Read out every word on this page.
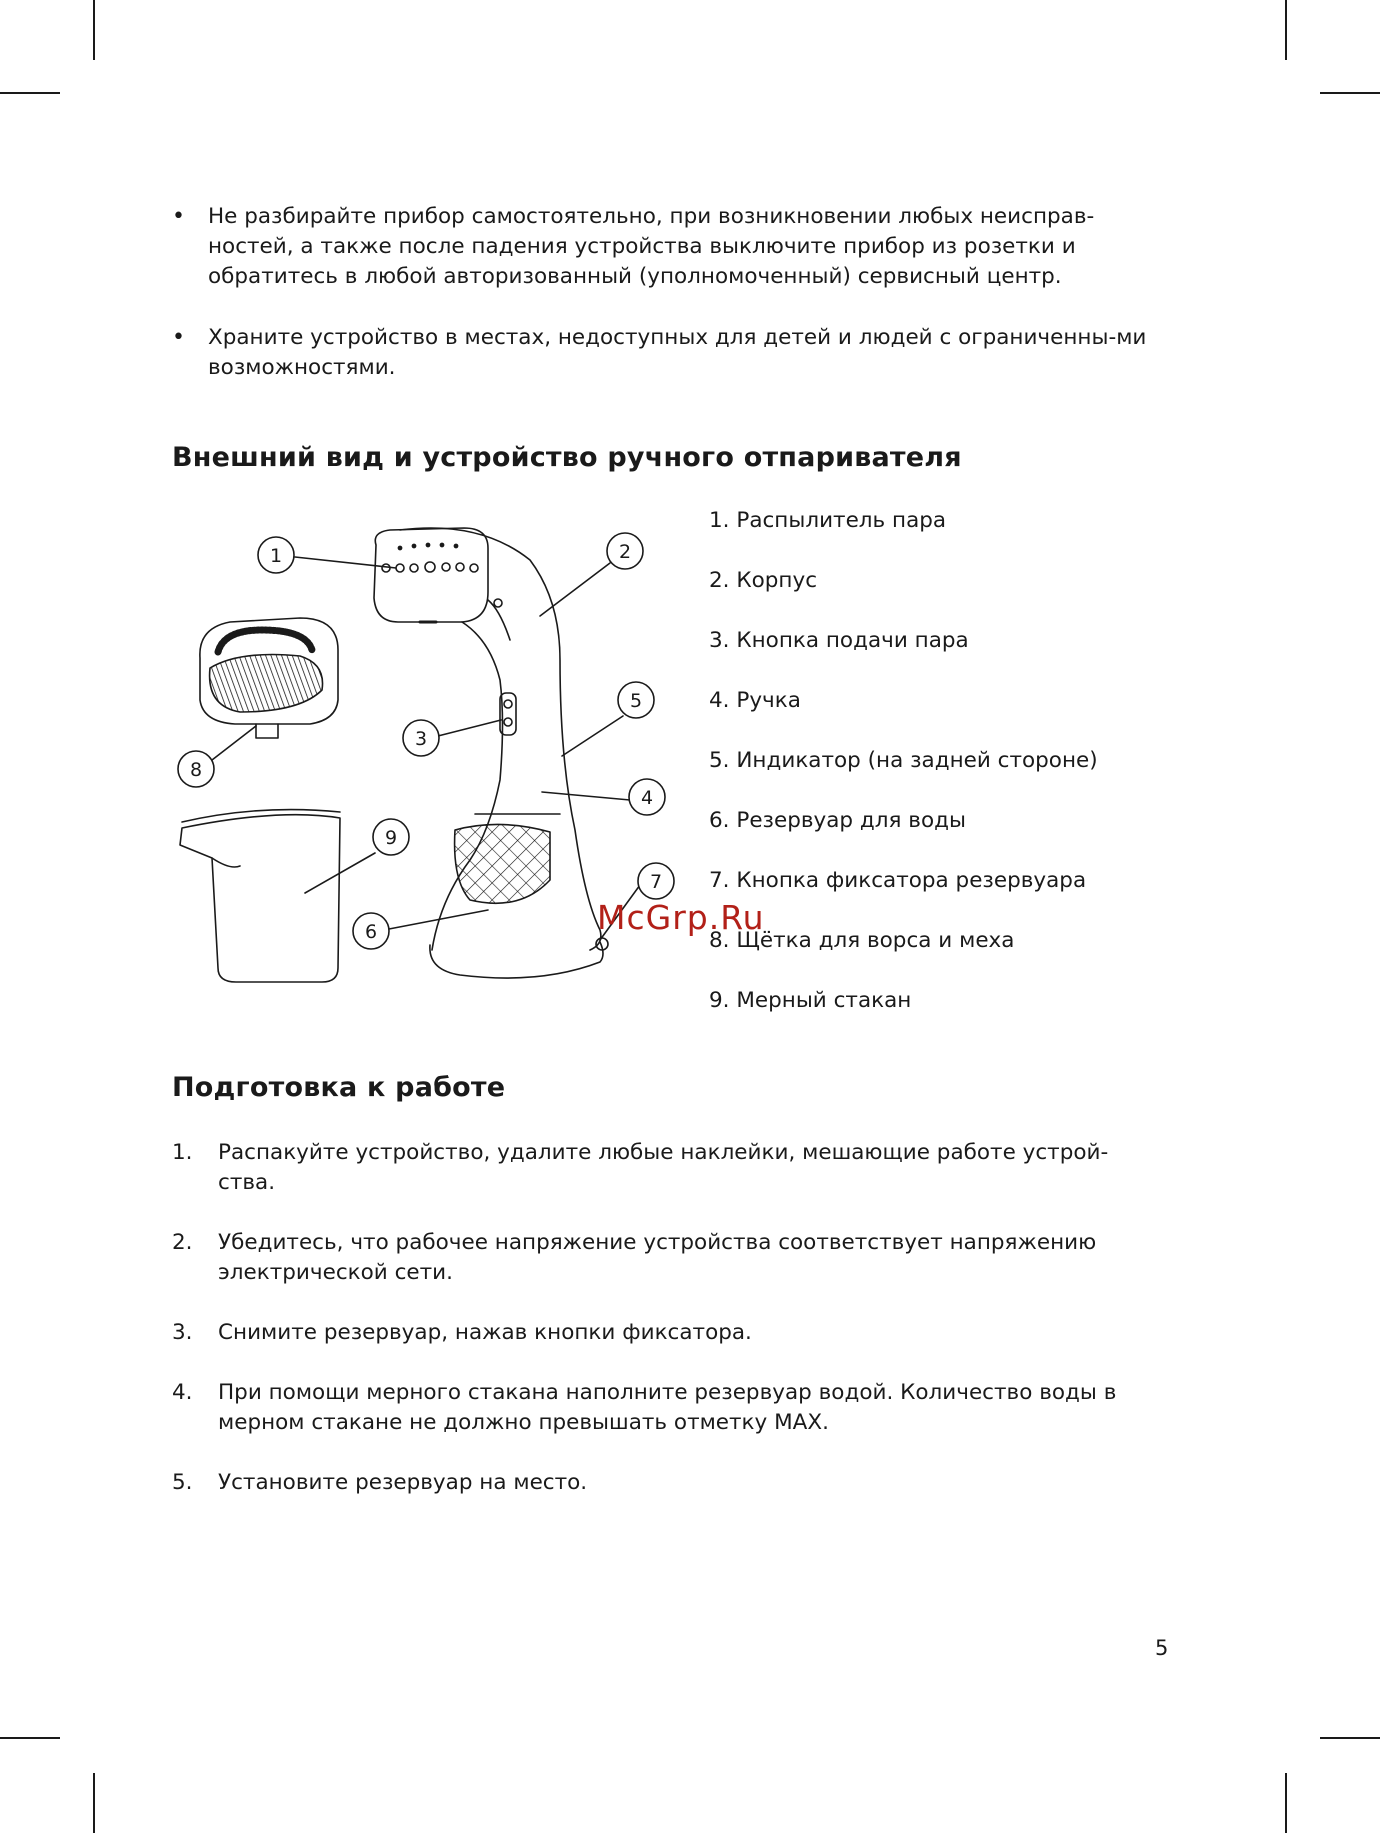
• Не разбирайте прибор самостоятельно, при возникновении любых неисправ-ностей, а также после падения устройства выключите прибор из розетки и обратитесь в любой авторизованный (уполномоченный) сервисный центр.
• Храните устройство в местах, недоступных для детей и людей с ограниченны-ми возможностями.
Внешний вид и устройство ручного отпаривателя
1	2
3
4
5
6
7
8
9
1. Распылитель пара
2. Корпус
3. Кнопка подачи пара
4. Ручка
5. Индикатор (на задней стороне)
6. Резервуар для воды
7. Кнопка фиксатора резервуара
8. Щётка для ворса и меха
9. Мерный стакан
McGrp.Ru
Подготовка к работе
1. Распакуйте устройство, удалите любые наклейки, мешающие работе устрой-ства.
2. Убедитесь, что рабочее напряжение устройства соответствует напряжению электрической сети.
3. Снимите резервуар, нажав кнопки фиксатора.
4. При помощи мерного стакана наполните резервуар водой. Количество воды в мерном стакане не должно превышать отметку MAX.
5. Установите резервуар на место.
5
